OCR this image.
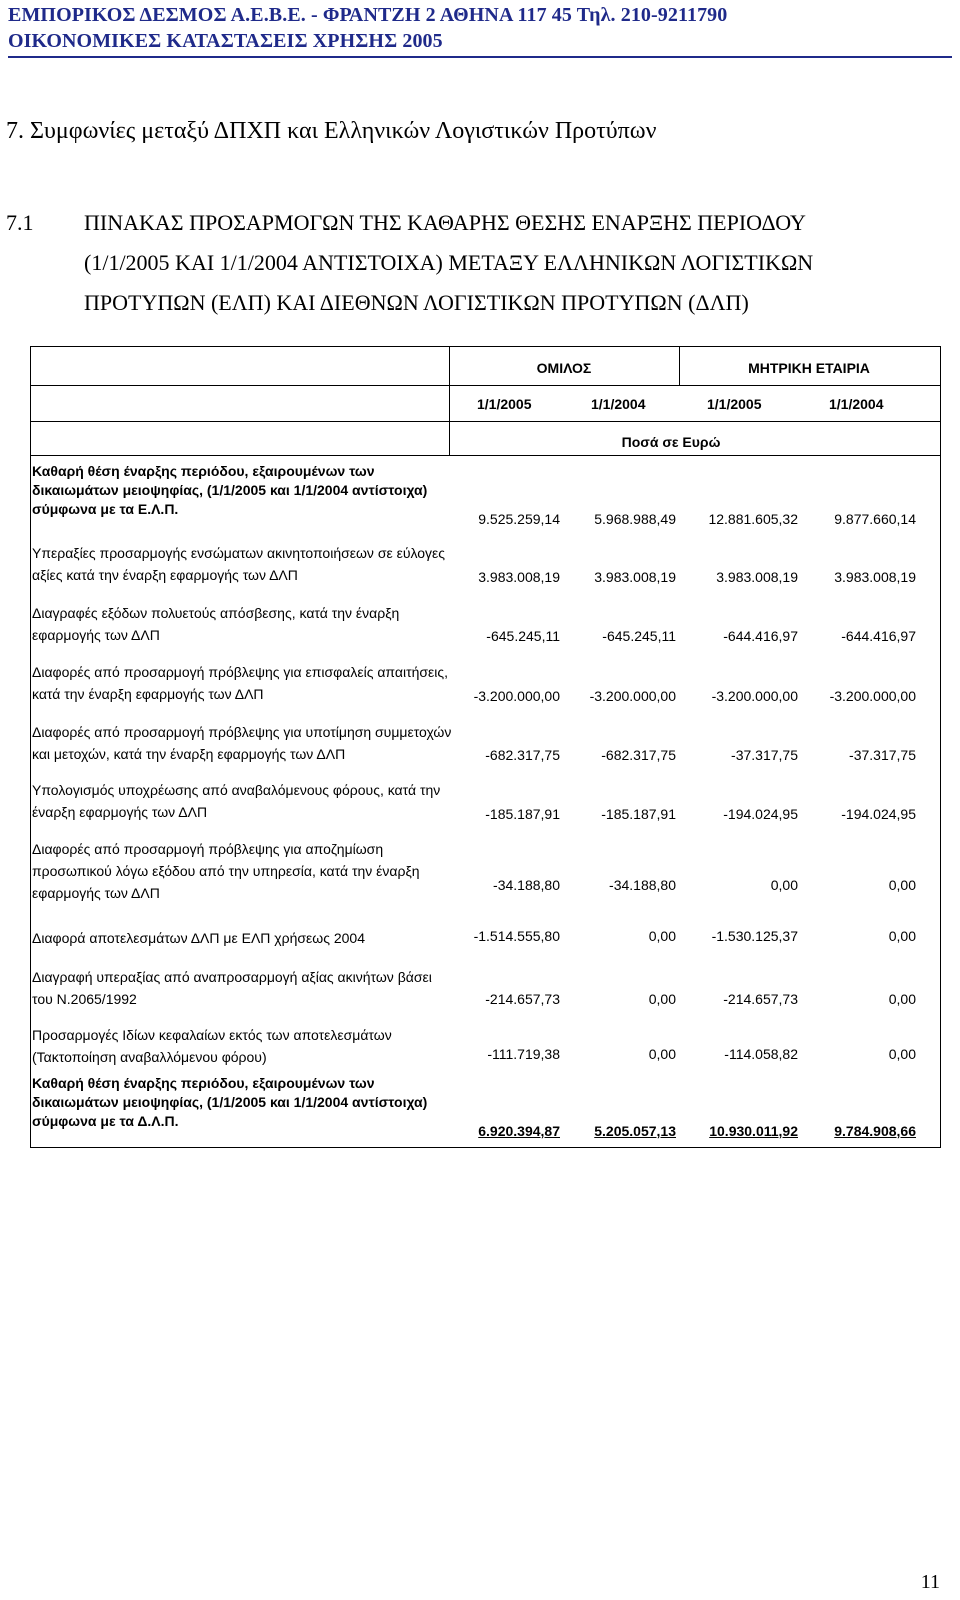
ΕΜΠΟΡΙΚΟΣ ΔΕΣΜΟΣ Α.Ε.Β.Ε. - ΦΡΑΝΤΖΗ 2 ΑΘΗΝΑ 117 45 Τηλ. 210-9211790
ΟΙΚΟΝΟΜΙΚΕΣ ΚΑΤΑΣΤΑΣΕΙΣ ΧΡΗΣΗΣ 2005
7. Συμφωνίες μεταξύ ΔΠΧΠ και Ελληνικών Λογιστικών Προτύπων
7.1 ΠΙΝΑΚΑΣ ΠΡΟΣΑΡΜΟΓΩΝ ΤΗΣ ΚΑΘΑΡΗΣ ΘΕΣΗΣ ΕΝΑΡΞΗΣ ΠΕΡΙΟΔΟΥ
(1/1/2005 ΚΑΙ 1/1/2004 ΑΝΤΙΣΤΟΙΧΑ) ΜΕΤΑΞΥ ΕΛΛΗΝΙΚΩΝ ΛΟΓΙΣΤΙΚΩΝ
ΠΡΟΤΥΠΩΝ (ΕΛΠ) ΚΑΙ ΔΙΕΘΝΩΝ ΛΟΓΙΣΤΙΚΩΝ ΠΡΟΤΥΠΩΝ (ΔΛΠ)
ΟΜΙΛΟΣ	ΜΗΤΡΙΚΗ ΕΤΑΙΡΙΑ
1/1/2005	1/1/2004	1/1/2005	1/1/2004
Ποσά σε Ευρώ
Καθαρή θέση έναρξης περιόδου, εξαιρουμένων των δικαιωμάτων μειοψηφίας, (1/1/2005 και 1/1/2004 αντίστοιχα) σύμφωνα με τα Ε.Λ.Π.
9.525.259,14	5.968.988,49	12.881.605,32	9.877.660,14
Υπεραξίες προσαρμογής ενσώματων ακινητοποιήσεων σε εύλογες αξίες κατά την έναρξη εφαρμογής των ΔΛΠ	3.983.008,19	3.983.008,19	3.983.008,19	3.983.008,19
Διαγραφές εξόδων πολυετούς απόσβεσης, κατά την έναρξη εφαρμογής των ΔΛΠ	-645.245,11	-645.245,11	-644.416,97	-644.416,97
Διαφορές από προσαρμογή πρόβλεψης για επισφαλείς απαιτήσεις, κατά την έναρξη εφαρμογής των ΔΛΠ	-3.200.000,00	-3.200.000,00	-3.200.000,00	-3.200.000,00
Διαφορές από προσαρμογή πρόβλεψης για υποτίμηση συμμετοχών και μετοχών, κατά την έναρξη εφαρμογής των ΔΛΠ	-682.317,75	-682.317,75	-37.317,75	-37.317,75
Υπολογισμός υποχρέωσης από αναβαλόμενους φόρους, κατά την έναρξη εφαρμογής των ΔΛΠ	-185.187,91	-185.187,91	-194.024,95	-194.024,95
Διαφορές από προσαρμογή πρόβλεψης για αποζημίωση προσωπικού λόγω εξόδου από την υπηρεσία, κατά την έναρξη εφαρμογής των ΔΛΠ	-34.188,80	-34.188,80	0,00	0,00
Διαφορά αποτελεσμάτων ΔΛΠ με ΕΛΠ χρήσεως 2004	-1.514.555,80	0,00	-1.530.125,37	0,00
Διαγραφή υπεραξίας από αναπροσαρμογή αξίας ακινήτων βάσει του Ν.2065/1992	-214.657,73	0,00	-214.657,73	0,00
Προσαρμογές Ιδίων κεφαλαίων εκτός των αποτελεσμάτων (Τακτοποίηση αναβαλλόμενου φόρου)	-111.719,38	0,00	-114.058,82	0,00
Καθαρή θέση έναρξης περιόδου, εξαιρουμένων των δικαιωμάτων μειοψηφίας, (1/1/2005 και 1/1/2004 αντίστοιχα) σύμφωνα με τα Δ.Λ.Π.
6.920.394,87	5.205.057,13	10.930.011,92	9.784.908,66
11
